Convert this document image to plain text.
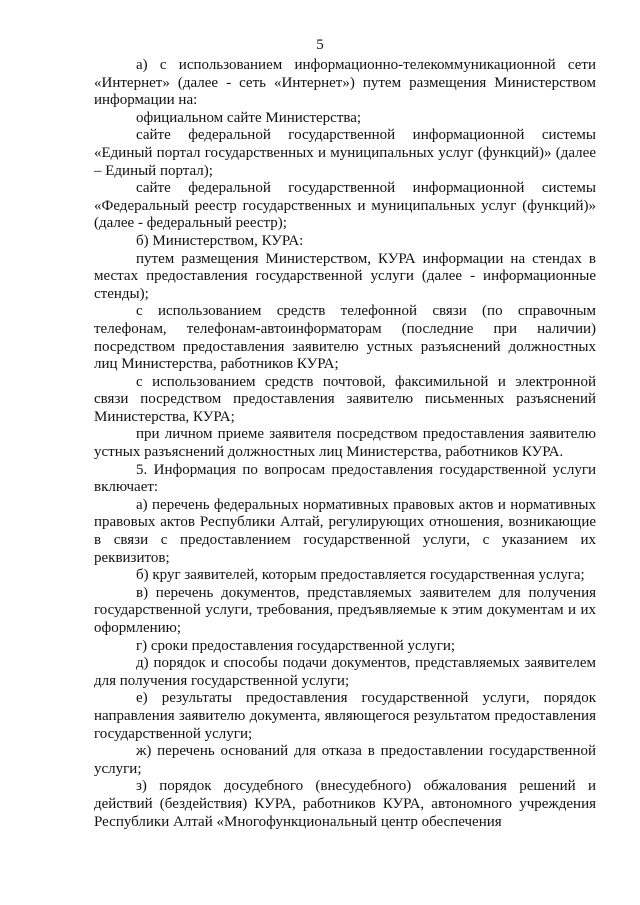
5

а) с использованием информационно-телекоммуникационной сети «Интернет» (далее - сеть «Интернет») путем размещения Министерством информации на:

официальном сайте Министерства;

сайте федеральной государственной информационной системы «Единый портал государственных и муниципальных услуг (функций)» (далее – Единый портал);

сайте федеральной государственной информационной системы «Федеральный реестр государственных и муниципальных услуг (функций)» (далее - федеральный реестр);

б) Министерством, КУРА:

путем размещения Министерством, КУРА информации на стендах в местах предоставления государственной услуги (далее - информационные стенды);

с использованием средств телефонной связи (по справочным телефонам, телефонам-автоинформаторам (последние при наличии) посредством предоставления заявителю устных разъяснений должностных лиц Министерства, работников КУРА;

с использованием средств почтовой, факсимильной и электронной связи посредством предоставления заявителю письменных разъяснений Министерства, КУРА;

при личном приеме заявителя посредством предоставления заявителю устных разъяснений должностных лиц Министерства, работников КУРА.

5. Информация по вопросам предоставления государственной услуги включает:

а) перечень федеральных нормативных правовых актов и нормативных правовых актов Республики Алтай, регулирующих отношения, возникающие в связи с предоставлением государственной услуги, с указанием их реквизитов;

б) круг заявителей, которым предоставляется государственная услуга;

в) перечень документов, представляемых заявителем для получения государственной услуги, требования, предъявляемые к этим документам и их оформлению;

г) сроки предоставления государственной услуги;

д) порядок и способы подачи документов, представляемых заявителем для получения государственной услуги;

е) результаты предоставления государственной услуги, порядок направления заявителю документа, являющегося результатом предоставления государственной услуги;

ж) перечень оснований для отказа в предоставлении государственной услуги;

з) порядок досудебного (внесудебного) обжалования решений и действий (бездействия) КУРА, работников КУРА, автономного учреждения Республики Алтай «Многофункциональный центр обеспечения
